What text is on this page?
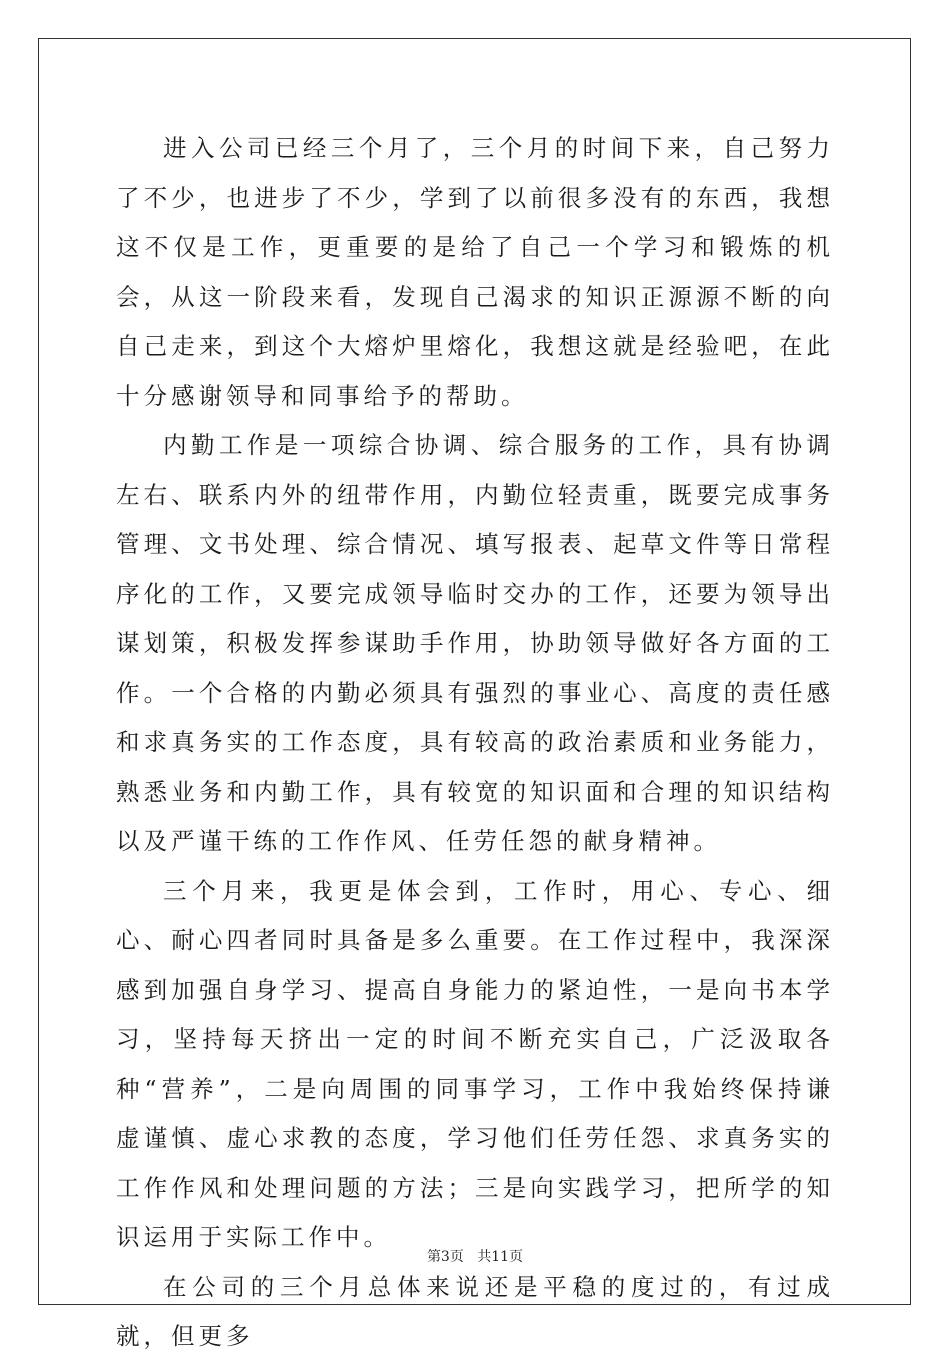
进入公司已经三个月了，三个月的时间下来，自己努力了不少，也进步了不少，学到了以前很多没有的东西，我想这不仅是工作，更重要的是给了自己一个学习和锻炼的机会，从这一阶段来看，发现自己渴求的知识正源源不断的向自己走来，到这个大熔炉里熔化，我想这就是经验吧，在此十分感谢领导和同事给予的帮助。

内勤工作是一项综合协调、综合服务的工作，具有协调左右、联系内外的纽带作用，内勤位轻责重，既要完成事务管理、文书处理、综合情况、填写报表、起草文件等日常程序化的工作，又要完成领导临时交办的工作，还要为领导出谋划策，积极发挥参谋助手作用，协助领导做好各方面的工作。一个合格的内勤必须具有强烈的事业心、高度的责任感和求真务实的工作态度，具有较高的政治素质和业务能力，熟悉业务和内勤工作，具有较宽的知识面和合理的知识结构以及严谨干练的工作作风、任劳任怨的献身精神。

三个月来，我更是体会到，工作时，用心、专心、细心、耐心四者同时具备是多么重要。在工作过程中，我深深感到加强自身学习、提高自身能力的紧迫性，一是向书本学习，坚持每天挤出一定的时间不断充实自己，广泛汲取各种“营养”，二是向周围的同事学习，工作中我始终保持谦虚谨慎、虚心求教的态度，学习他们任劳任怨、求真务实的工作作风和处理问题的方法；三是向实践学习，把所学的知识运用于实际工作中。

在公司的三个月总体来说还是平稳的度过的，有过成就，但更多

第3页 共11页
